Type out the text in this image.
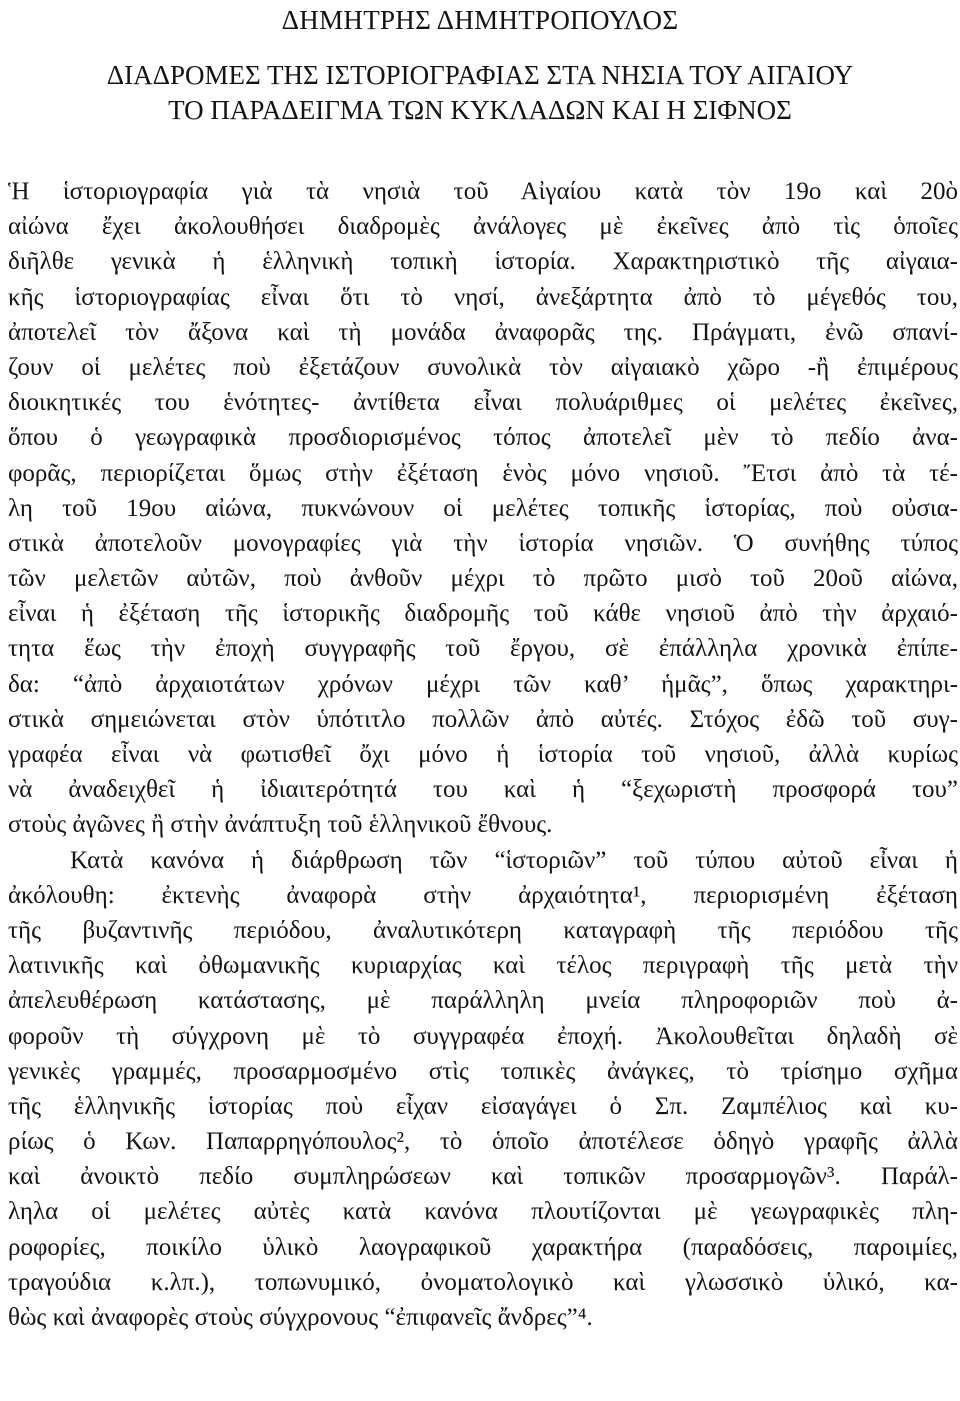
ΔΗΜΗΤΡΗΣ ΔΗΜΗΤΡΟΠΟΥΛΟΣ
ΔΙΑΔΡΟΜΕΣ ΤΗΣ ΙΣΤΟΡΙΟΓΡΑΦΙΑΣ ΣΤΑ ΝΗΣΙΑ ΤΟΥ ΑΙΓΑΙΟΥ
ΤΟ ΠΑΡΑΔΕΙΓΜΑ ΤΩΝ ΚΥΚΛΑΔΩΝ ΚΑΙ Η ΣΙΦΝΟΣ
Ἡ ἱστοριογραφία γιὰ τὰ νησιὰ τοῦ Αἰγαίου κατὰ τὸν 19ο καὶ 20ὸ
αἰώνα ἔχει ἀκολουθήσει διαδρομὲς ἀνάλογες μὲ ἐκεῖνες ἀπὸ τὶς ὁποῖες
διῆλθε γενικὰ ἡ ἑλληνικὴ τοπικὴ ἱστορία. Χαρακτηριστικὸ τῆς αἰγαια-
κῆς ἱστοριογραφίας εἶναι ὅτι τὸ νησί, ἀνεξάρτητα ἀπὸ τὸ μέγεθός του,
ἀποτελεῖ τὸν ἄξονα καὶ τὴ μονάδα ἀναφορᾶς της. Πράγματι, ἐνῶ σπανί-
ζουν οἱ μελέτες ποὺ ἐξετάζουν συνολικὰ τὸν αἰγαιακὸ χῶρο -ἢ ἐπιμέρους
διοικητικές του ἑνότητες- ἀντίθετα εἶναι πολυάριθμες οἱ μελέτες ἐκεῖνες,
ὅπου ὁ γεωγραφικὰ προσδιορισμένος τόπος ἀποτελεῖ μὲν τὸ πεδίο ἀνα-
φορᾶς, περιορίζεται ὅμως στὴν ἐξέταση ἑνὸς μόνο νησιοῦ. Ἔτσι ἀπὸ τὰ τέ-
λη τοῦ 19ου αἰώνα, πυκνώνουν οἱ μελέτες τοπικῆς ἱστορίας, ποὺ οὐσια-
στικὰ ἀποτελοῦν μονογραφίες γιὰ τὴν ἱστορία νησιῶν. Ὁ συνήθης τύπος
τῶν μελετῶν αὐτῶν, ποὺ ἀνθοῦν μέχρι τὸ πρῶτο μισὸ τοῦ 20οῦ αἰώνα,
εἶναι ἡ ἐξέταση τῆς ἱστορικῆς διαδρομῆς τοῦ κάθε νησιοῦ ἀπὸ τὴν ἀρχαιό-
τητα ἕως τὴν ἐποχὴ συγγραφῆς τοῦ ἔργου, σὲ ἐπάλληλα χρονικὰ ἐπίπε-
δα: “ἀπὸ ἀρχαιοτάτων χρόνων μέχρι τῶν καθ’ ἡμᾶς”, ὅπως χαρακτηρι-
στικὰ σημειώνεται στὸν ὑπότιτλο πολλῶν ἀπὸ αὐτές. Στόχος ἐδῶ τοῦ συγ-
γραφέα εἶναι νὰ φωτισθεῖ ὄχι μόνο ἡ ἱστορία τοῦ νησιοῦ, ἀλλὰ κυρίως
νὰ ἀναδειχθεῖ ἡ ἰδιαιτερότητά του καὶ ἡ “ξεχωριστὴ προσφορά του”
στοὺς ἀγῶνες ἢ στὴν ἀνάπτυξη τοῦ ἑλληνικοῦ ἔθνους.
Κατὰ κανόνα ἡ διάρθρωση τῶν “ἱστοριῶν” τοῦ τύπου αὐτοῦ εἶναι ἡ
ἀκόλουθη: ἐκτενὴς ἀναφορὰ στὴν ἀρχαιότητα¹, περιορισμένη ἐξέταση
τῆς βυζαντινῆς περιόδου, ἀναλυτικότερη καταγραφὴ τῆς περιόδου τῆς
λατινικῆς καὶ ὀθωμανικῆς κυριαρχίας καὶ τέλος περιγραφὴ τῆς μετὰ τὴν
ἀπελευθέρωση κατάστασης, μὲ παράλληλη μνεία πληροφοριῶν ποὺ ἀ-
φοροῦν τὴ σύγχρονη μὲ τὸ συγγραφέα ἐποχή. Ἀκολουθεῖται δηλαδὴ σὲ
γενικὲς γραμμές, προσαρμοσμένο στὶς τοπικὲς ἀνάγκες, τὸ τρίσημο σχῆμα
τῆς ἑλληνικῆς ἱστορίας ποὺ εἶχαν εἰσαγάγει ὁ Σπ. Ζαμπέλιος καὶ κυ-
ρίως ὁ Κων. Παπαρρηγόπουλος², τὸ ὁποῖο ἀποτέλεσε ὁδηγὸ γραφῆς ἀλλὰ
καὶ ἀνοικτὸ πεδίο συμπληρώσεων καὶ τοπικῶν προσαρμογῶν³. Παράλ-
ληλα οἱ μελέτες αὐτὲς κατὰ κανόνα πλουτίζονται μὲ γεωγραφικὲς πλη-
ροφορίες, ποικίλο ὑλικὸ λαογραφικοῦ χαρακτήρα (παραδόσεις, παροιμίες,
τραγούδια κ.λπ.), τοπωνυμικό, ὀνοματολογικὸ καὶ γλωσσικὸ ὑλικό, κα-
θὼς καὶ ἀναφορὲς στοὺς σύγχρονους “ἐπιφανεῖς ἄνδρες”⁴.
